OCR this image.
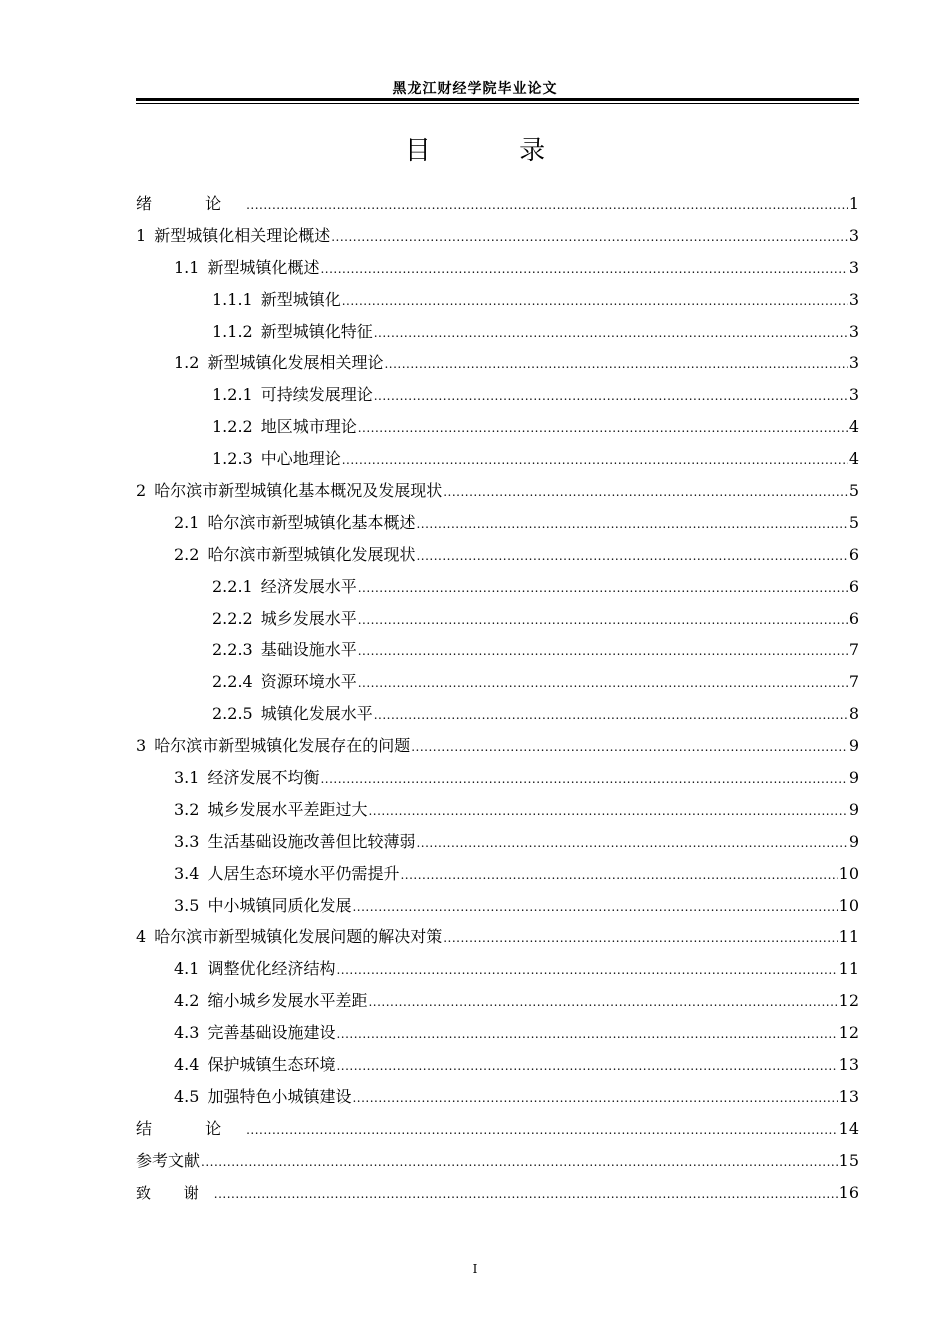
黑龙江财经学院毕业论文
目 录
绪 论 .....	1
1 新型城镇化相关理论概述 .....	3
1.1 新型城镇化概述 .....	3
1.1.1 新型城镇化 .....	3
1.1.2 新型城镇化特征 .....	3
1.2 新型城镇化发展相关理论 .....	3
1.2.1 可持续发展理论 .....	3
1.2.2 地区城市理论 .....	4
1.2.3 中心地理论 .....	4
2 哈尔滨市新型城镇化基本概况及发展现状 .....	5
2.1 哈尔滨市新型城镇化基本概述 .....	5
2.2 哈尔滨市新型城镇化发展现状 .....	6
2.2.1 经济发展水平 .....	6
2.2.2 城乡发展水平 .....	6
2.2.3 基础设施水平 .....	7
2.2.4 资源环境水平 .....	7
2.2.5 城镇化发展水平 .....	8
3 哈尔滨市新型城镇化发展存在的问题 .....	9
3.1 经济发展不均衡 .....	9
3.2 城乡发展水平差距过大 .....	9
3.3 生活基础设施改善但比较薄弱 .....	9
3.4 人居生态环境水平仍需提升 .....	10
3.5 中小城镇同质化发展 .....	10
4 哈尔滨市新型城镇化发展问题的解决对策 .....	11
4.1 调整优化经济结构 .....	11
4.2 缩小城乡发展水平差距 .....	12
4.3 完善基础设施建设 .....	12
4.4 保护城镇生态环境 .....	13
4.5 加强特色小城镇建设 .....	13
结 论 .....	14
参考文献 .....	15
致 谢 .....	16
I
